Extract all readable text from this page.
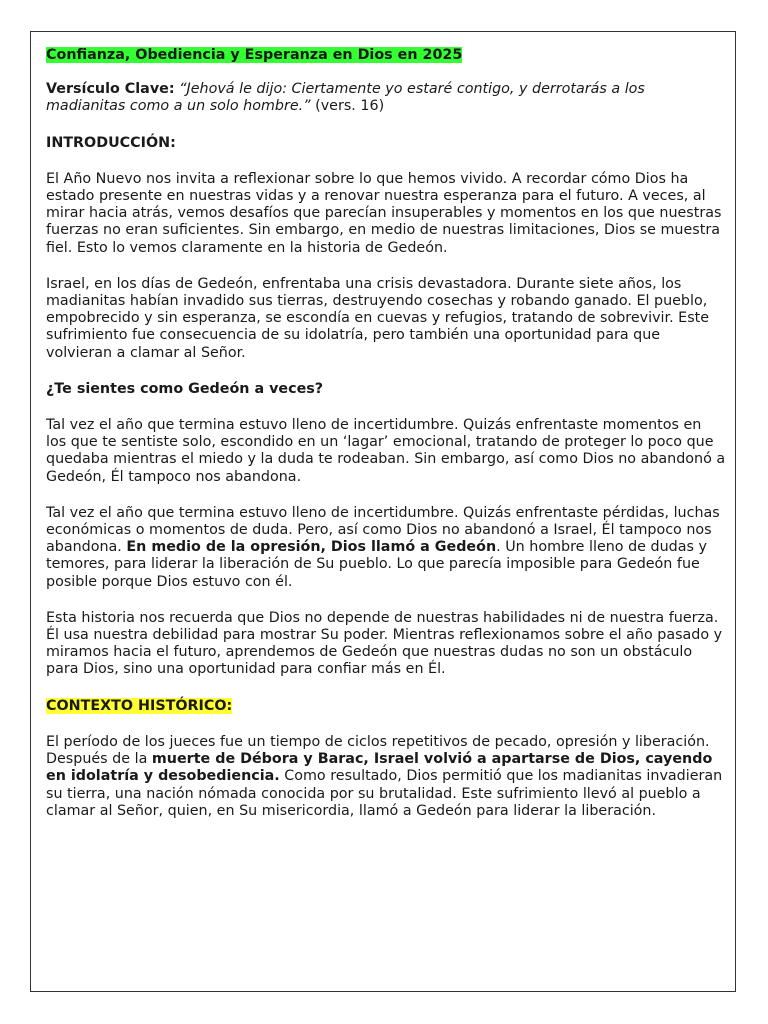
Confianza, Obediencia y Esperanza en Dios en 2025

Versículo Clave: “Jehová le dijo: Ciertamente yo estaré contigo, y derrotarás a los madianitas como a un solo hombre.” (vers. 16)

INTRODUCCIÓN:

El Año Nuevo nos invita a reflexionar sobre lo que hemos vivido. A recordar cómo Dios ha estado presente en nuestras vidas y a renovar nuestra esperanza para el futuro. A veces, al mirar hacia atrás, vemos desafíos que parecían insuperables y momentos en los que nuestras fuerzas no eran suficientes. Sin embargo, en medio de nuestras limitaciones, Dios se muestra fiel. Esto lo vemos claramente en la historia de Gedeón.

Israel, en los días de Gedeón, enfrentaba una crisis devastadora. Durante siete años, los madianitas habían invadido sus tierras, destruyendo cosechas y robando ganado. El pueblo, empobrecido y sin esperanza, se escondía en cuevas y refugios, tratando de sobrevivir. Este sufrimiento fue consecuencia de su idolatría, pero también una oportunidad para que volvieran a clamar al Señor.

¿Te sientes como Gedeón a veces?

Tal vez el año que termina estuvo lleno de incertidumbre. Quizás enfrentaste momentos en los que te sentiste solo, escondido en un ‘lagar’ emocional, tratando de proteger lo poco que quedaba mientras el miedo y la duda te rodeaban. Sin embargo, así como Dios no abandonó a Gedeón, Él tampoco nos abandona.

Tal vez el año que termina estuvo lleno de incertidumbre. Quizás enfrentaste pérdidas, luchas económicas o momentos de duda. Pero, así como Dios no abandonó a Israel, Él tampoco nos abandona. En medio de la opresión, Dios llamó a Gedeón. Un hombre lleno de dudas y temores, para liderar la liberación de Su pueblo. Lo que parecía imposible para Gedeón fue posible porque Dios estuvo con él.

Esta historia nos recuerda que Dios no depende de nuestras habilidades ni de nuestra fuerza. Él usa nuestra debilidad para mostrar Su poder. Mientras reflexionamos sobre el año pasado y miramos hacia el futuro, aprendemos de Gedeón que nuestras dudas no son un obstáculo para Dios, sino una oportunidad para confiar más en Él.

CONTEXTO HISTÓRICO:

El período de los jueces fue un tiempo de ciclos repetitivos de pecado, opresión y liberación. Después de la muerte de Débora y Barac, Israel volvió a apartarse de Dios, cayendo en idolatría y desobediencia. Como resultado, Dios permitió que los madianitas invadieran su tierra, una nación nómada conocida por su brutalidad. Este sufrimiento llevó al pueblo a clamar al Señor, quien, en Su misericordia, llamó a Gedeón para liderar la liberación.
